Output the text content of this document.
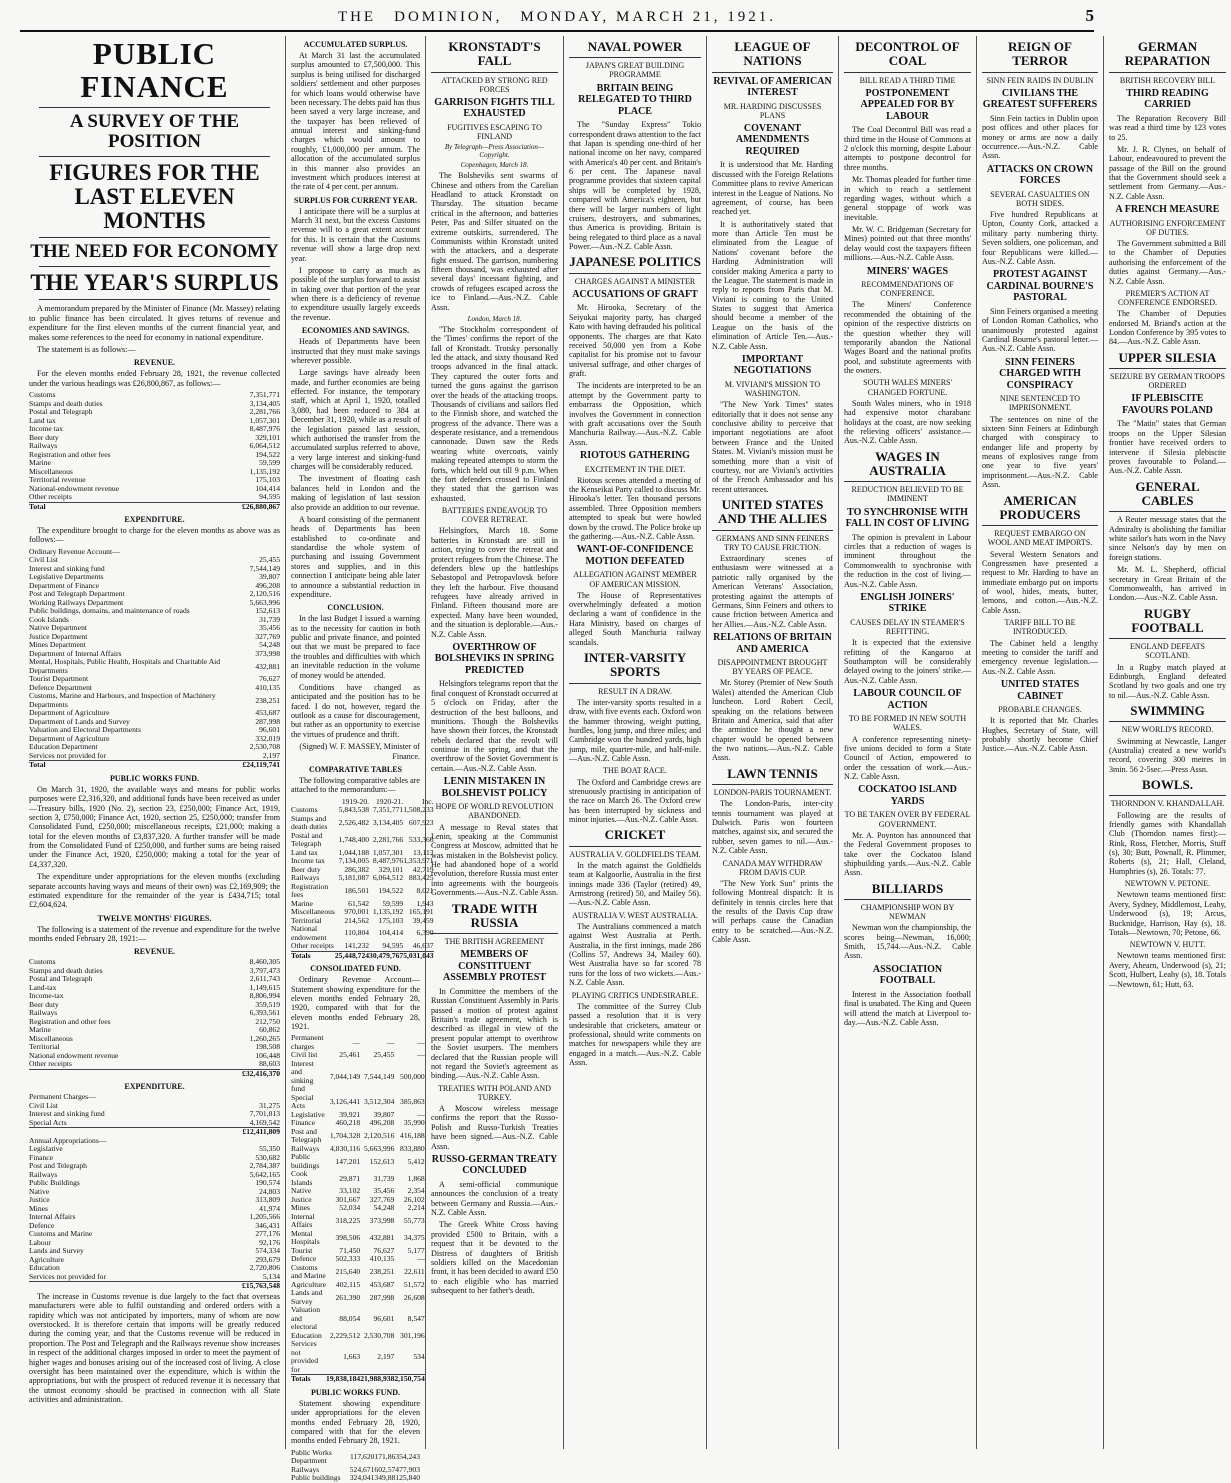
THE DOMINION, MONDAY, MARCH 21, 1921.	5
PUBLIC FINANCE
A SURVEY OF THE POSITION
FIGURES FOR THE LAST ELEVEN MONTHS
THE NEED FOR ECONOMY
THE YEAR'S SURPLUS

A memorandum prepared by the Minister of Finance (Mr. Massey) relating to public finance has been circulated. It gives returns of revenue and expenditure for the first eleven months of the current financial year, and makes some references to the need for economy in national expenditure.

The statement is as follows:—

REVENUE.

For the eleven months ended February 28, 1921, the revenue collected under the various headings was £26,800,867, as follows:—

Customs	7,351,771
Stamps and death duties	3,134,405
Postal and Telegraph	2,281,766
Land tax	1,057,301
Income tax	8,487,976
Beer duty	329,101
Railways	6,064,512
Registration and other fees	194,522
Marine	59,599
Miscellaneous	1,135,192
Territorial revenue	175,103
National-endowment revenue	104,414
Other receipts	94,595
Total	£26,880,867
EXPENDITURE.

The expenditure brought to charge for the eleven months as above was as follows:—

Ordinary Revenue Account—	
Civil List	25,455
Interest and sinking fund	7,544,149
Legislative Departments	39,807
Department of Finance	496,208
Post and Telegraph Department	2,120,516
Working Railways Department	5,663,996
Public buildings, domains, and maintenance of roads	152,613
Cook Islands	31,739
Native Department	35,456
Justice Department	327,769
Mines Department	54,248
Department of Internal Affairs	373,998
Mental, Hospitals, Public Health, Hospitals and Charitable Aid Departments	432,881
Tourist Department	76,627
Defence Department	410,135
Customs, Marine and Harbours, and Inspection of Machinery Departments	238,251
Department of Agriculture	453,687
Department of Lands and Survey	287,998
Valuation and Electoral Departments	96,601
Department of Agriculture	332,019
Education Department	2,530,708
Services not provided for	2,197
Total	£24,119,741
PUBLIC WORKS FUND.

On March 31, 1920, the available ways and means for public works purposes were £2,316,320, and additional funds have been received as under—Treasury bills, 1920 (No. 2), section 23, £250,000; Finance Act, 1919, section 3, £750,000; Finance Act, 1920, section 25, £250,000; transfer from Consolidated Fund, £250,000; miscellaneous receipts, £21,000; making a total for the eleven months of £3,837,320. A further transfer will be made from the Consolidated Fund of £250,000, and further sums are being raised under the Finance Act, 1920, £250,000; making a total for the year of £4,337,320.

The expenditure under appropriations for the eleven months (excluding separate accounts having ways and means of their own) was £2,169,909; the estimated expenditure for the remainder of the year is £434,715; total £2,604,624.

TWELVE MONTHS' FIGURES.

The following is a statement of the revenue and expenditure for the twelve months ended February 28, 1921:—

REVENUE.
Customs	8,460,305
Stamps and death duties	3,797,473
Postal and Telegraph	2,611,743
Land-tax	1,149,615
Income-tax	8,806,994
Beer duty	359,519
Railways	6,393,561
Registration and other fees	212,750
Marine	60,862
Miscellaneous	1,260,265
Territorial	198,508
National endowment revenue	106,448
Other receipts	88,603
	£32,416,370
EXPENDITURE.
Permanent Charges—	
Civil List	31,275
Interest and sinking fund	7,701,813
Special Acts	4,169,542
	£12,411,809
Annual Appropriations—	
Legislative	55,350
Finance	530,682
Post and Telegraph	2,784,387
Railways	5,642,165
Public Buildings	190,574
Native	24,803
Justice	313,809
Mines	41,974
Internal Affairs	1,205,566
Defence	346,431
Customs and Marine	277,176
Labour	92,176
Lands and Survey	574,334
Agriculture	293,679
Education	2,720,806
Services not provided for	5,134
	£15,763,548

The increase in Customs revenue is due largely to the fact that overseas manufacturers were able to fulfil outstanding and ordered orders with a rapidity which was not anticipated by importers, many of whom are now overstocked. It is therefore certain that imports will be greatly reduced during the coming year, and that the Customs revenue will be reduced in proportion. The Post and Telegraph and the Railways revenue show increases in respect of the additional charges imposed in order to meet the payment of higher wages and bonuses arising out of the increased cost of living. A close oversight has been maintained over the expenditure, which is within the appropriations, but with the prospect of reduced revenue it is necessary that the utmost economy should be practised in connection with all State activities and administration.

ACCUMULATED SURPLUS.

At March 31 last the accumulated surplus amounted to £7,500,000. This surplus is being utilised for discharged soldiers' settlement and other purposes for which loans would otherwise have been necessary. The debts paid has thus been saved a very large increase, and the taxpayer has been relieved of annual interest and sinking-fund charges which would amount to roughly, £1,000,000 per annum. The allocation of the accumulated surplus in this manner also provides an investment which produces interest at the rate of 4 per cent. per annum.

SURPLUS FOR CURRENT YEAR.

I anticipate there will be a surplus at March 31 next, but the excess Customs revenue will to a great extent account for this. It is certain that the Customs revenue will show a large drop next year.

I propose to carry as much as possible of the surplus forward to assist in taking over that portion of the year when there is a deficiency of revenue to expenditure usually largely exceeds the revenue.

ECONOMIES AND SAVINGS.

Heads of Departments have been instructed that they must make savings wherever possible.

Large savings have already been made, and further economies are being effected. For instance, the temporary staff, which at April 1, 1920, totalled 3,080, had been reduced to 384 at December 31, 1920, while as a result of the legislation passed last session, which authorised the transfer from the accumulated surplus referred to above, a very large interest and sinking-fund charges will be considerably reduced.

The investment of floating cash balances held in London and the making of legislation of last session also provide an addition to our revenue.

A board consisting of the permanent heads of Departments has been established to co-ordinate and standardise the whole system of purchasing and issuing Government stores and supplies, and in this connection I anticipate being able later to announce a substantial reduction in expenditure.

CONCLUSION.

In the last Budget I issued a warning as to the necessity for caution in both public and private finance, and pointed out that we must be prepared to face the troubles and difficulties with which an inevitable reduction in the volume of money would be attended.

Conditions have changed as anticipated and the position has to be faced. I do not, however, regard the outlook as a cause for discouragement, but rather as an opportunity to exercise the virtues of prudence and thrift.

(Signed) W. F. MASSEY, Minister of Finance.

COMPARATIVE TABLES

The following comparative tables are attached to the memorandum:—

	1919-20.	1920-21.	Inc.
Customs	5,843,538	7,351,771	1,508,233
Stamps and death duties	2,526,482	3,134,405	607,923
Postal and Telegraph	1,748,400	2,281,766	533,366
Land tax	1,044,188	1,057,301	13,113
Income tax	7,134,005	8,487,976	1,353,971
Beer duty	286,382	329,101	42,719
Railways	5,181,087	6,064,512	883,425
Registration fees	186,501	194,522	8,021
Marine	61,542	59,599	1,943
Miscellaneous	970,001	1,135,192	165,191
Territorial	214,562	175,103	39,459
National endowment	110,804	104,414	6,390
Other receipts	141,232	94,595	46,637
Totals	25,448,724	30,479,767	5,031,043
CONSOLIDATED FUND.

Ordinary Revenue Account—Statement showing expenditure for the eleven months ended February 28, 1920, compared with that for the eleven months ended February 28, 1921.

Permanent charges	—	—	—
Civil list	25,461	25,455	—
Interest and sinking fund	7,044,149	7,544,149	500,000
Special Acts	3,126,441	3,512,304	385,863
Legislative	39,921	39,807	—
Finance	460,218	496,208	35,990
Post and Telegraph	1,704,328	2,120,516	416,188
Railways	4,830,116	5,663,996	833,880
Public buildings	147,201	152,613	5,412
Cook Islands	29,871	31,739	1,868
Native	33,102	35,456	2,354
Justice	301,667	327,769	26,102
Mines	52,034	54,248	2,214
Internal Affairs	318,225	373,998	55,773
Mental Hospitals	398,506	432,881	34,375
Tourist	71,450	76,627	5,177
Defence	502,333	410,135	—
Customs and Marine	215,640	238,251	22,611
Agriculture	402,115	453,687	51,572
Lands and Survey	261,390	287,998	26,608
Valuation and electoral	88,054	96,601	8,547
Education	2,229,512	2,530,708	301,196
Services not provided for	1,663	2,197	534
Totals	19,838,184	21,988,938	2,150,754
PUBLIC WORKS FUND.

Statement showing expenditure under appropriations for the eleven months ended February 28, 1920, compared with that for the eleven months ended February 28, 1921.

Public Works Department	117,620	171,863	54,243
Railways	524,671	602,574	77,903
Public buildings	324,041	349,881	25,840
KRONSTADT'S FALL
ATTACKED BY STRONG RED FORCES
GARRISON FIGHTS TILL EXHAUSTED
FUGITIVES ESCAPING TO FINLAND
By Telegraph—Press Association—Copyright.
Copenhagen, March 18.

The Bolsheviks sent swarms of Chinese and others from the Carelian Headland to attack Kronstadt on Thursday. The situation became critical in the afternoon, and batteries Peter, Pas and Silfer situated on the extreme outskirts, surrendered. The Communists within Kronstadt united with the attackers, and a desperate fight ensued. The garrison, numbering fifteen thousand, was exhausted after several days' incessant fighting, and crowds of refugees escaped across the ice to Finland.—Aus.-N.Z. Cable Assn.

London, March 18.

"The Stockholm correspondent of the 'Times' confirms the report of the fall of Kronstadt. Trotsky personally led the attack, and sixty thousand Red troops advanced in the final attack. They captured the outer forts and turned the guns against the garrison over the heads of the attacking troops. Thousands of civilians and sailors fled to the Finnish shore, and watched the progress of the advance. There was a desperate resistance, and a tremendous cannonade. Dawn saw the Reds wearing white overcoats, vainly making repeated attempts to storm the forts, which held out till 9 p.m. When the fort defenders crossed to Finland they stated that the garrison was exhausted.

BATTERIES ENDEAVOUR TO COVER RETREAT.

Helsingfors, March 18. Some batteries in Kronstadt are still in action, trying to cover the retreat and protect refugees from the Chinese. The defenders blew up the battleships Sebastopol and Petropavlovsk before they left the harbour. Five thousand refugees have already arrived in Finland. Fifteen thousand more are expected. Many have been wounded, and the situation is deplorable.—Aus.-N.Z. Cable Assn.

OVERTHROW OF BOLSHEVIKS IN SPRING PREDICTED

Helsingfors telegrams report that the final conquest of Kronstadt occurred at 5 o'clock on Friday, after the destruction of the best balloons, and munitions. Though the Bolsheviks have shown their forces, the Kronstadt rebels declared that the revolt will continue in the spring, and that the overthrow of the Soviet Government is certain.—Aus.-N.Z. Cable Assn.

LENIN MISTAKEN IN BOLSHEVIST POLICY
HOPE OF WORLD REVOLUTION ABANDONED.

A message to Reval states that Lenin, speaking at the Communist Congress at Moscow, admitted that he was mistaken in the Bolshevist policy. He had abandoned hope of a world revolution, therefore Russia must enter into agreements with the bourgeois Governments.—Aus.-N.Z. Cable Assn.

TRADE WITH RUSSIA
THE BRITISH AGREEMENT
MEMBERS OF CONSTITUENT ASSEMBLY PROTEST

In Committee the members of the Russian Constituent Assembly in Paris passed a motion of protest against Britain's trade agreement, which is described as illegal in view of the present popular attempt to overthrow the Soviet usurpers. The members declared that the Russian people will not regard the Soviet's agreement as binding.—Aus.-N.Z. Cable Assn.

TREATIES WITH POLAND AND TURKEY.

A Moscow wireless message confirms the report that the Russo-Polish and Russo-Turkish Treaties have been signed.—Aus.-N.Z. Cable Assn.

RUSSO-GERMAN TREATY CONCLUDED

A semi-official communique announces the conclusion of a treaty between Germany and Russia.—Aus.-N.Z. Cable Assn.

The Greek White Cross having provided £500 to Britain, with a request that it be devoted to the Distress of daughters of British soldiers killed on the Macedonian front, it has been decided to award £50 to each eligible who has married subsequent to her father's death.

NAVAL POWER
JAPAN'S GREAT BUILDING PROGRAMME
BRITAIN BEING RELEGATED TO THIRD PLACE

The "Sunday Express" Tokio correspondent draws attention to the fact that Japan is spending one-third of her national income on her navy, compared with America's 40 per cent. and Britain's 6 per cent. The Japanese naval programme provides that sixteen capital ships will be completed by 1928, compared with America's eighteen, but there will be larger numbers of light cruisers, destroyers, and submarines, thus America is providing. Britain is being relegated to third place as a naval Power.—Aus.-N.Z. Cable Assn.

JAPANESE POLITICS
CHARGES AGAINST A MINISTER
ACCUSATIONS OF GRAFT

Mr. Hirooka, Secretary of the Seiyukai majority party, has charged Kato with having defrauded his political opponents. The charges are that Kato received 50,000 yen from a Kobe capitalist for his promise not to favour universal suffrage, and other charges of graft.

The incidents are interpreted to be an attempt by the Government party to embarrass the Opposition, which involves the Government in connection with graft accusations over the South Manchuria Railway.—Aus.-N.Z. Cable Assn.

RIOTOUS GATHERING
EXCITEMENT IN THE DIET.

Riotous scenes attended a meeting of the Kenseikai Party called to discuss Mr. Hirooka's letter. Ten thousand persons assembled. Three Opposition members attempted to speak but were howled down by the crowd. The Police broke up the gathering.—Aus.-N.Z. Cable Assn.

WANT-OF-CONFIDENCE MOTION DEFEATED
ALLEGATION AGAINST MEMBER OF AMERICAN MISSION.

The House of Representatives overwhelmingly defeated a motion declaring a want of confidence in the Hara Ministry, based on charges of alleged South Manchuria railway scandals.

INTER-VARSITY SPORTS
RESULT IN A DRAW.

The inter-varsity sports resulted in a draw, with five events each. Oxford won the hammer throwing, weight putting, hurdles, long jump, and three miles; and Cambridge won the hundred yards, high jump, mile, quarter-mile, and half-mile.—Aus.-N.Z. Cable Assn.

THE BOAT RACE.

The Oxford and Cambridge crews are strenuously practising in anticipation of the race on March 26. The Oxford crew has been interrupted by sickness and minor injuries.—Aus.-N.Z. Cable Assn.

CRICKET
AUSTRALIA V. GOLDFIELDS TEAM.

In the match against the Goldfields team at Kalgoorlie, Australia in the first innings made 336 (Taylor (retired) 49, Armstrong (retired) 50, and Mailey 56).—Aus.-N.Z. Cable Assn.

AUSTRALIA V. WEST AUSTRALIA.

The Australians commenced a match against West Australia at Perth. Australia, in the first innings, made 286 (Collins 57, Andrews 34, Mailey 60). West Australia have so far scored 78 runs for the loss of two wickets.—Aus.-N.Z. Cable Assn.

PLAYING CRITICS UNDESIRABLE.

The committee of the Surrey Club passed a resolution that it is very undesirable that cricketers, amateur or professional, should write comments on matches for newspapers while they are engaged in a match.—Aus.-N.Z. Cable Assn.

LEAGUE OF NATIONS
REVIVAL OF AMERICAN INTEREST
MR. HARDING DISCUSSES PLANS
COVENANT AMENDMENTS REQUIRED

It is understood that Mr. Harding discussed with the Foreign Relations Committee plans to revive American interest in the League of Nations. No agreement, of course, has been reached yet.

It is authoritatively stated that more than Article Ten must be eliminated from the League of Nations' covenant before the Harding Administration will consider making America a party to the League. The statement is made in reply to reports from Paris that M. Viviani is coming to the United States to suggest that America should become a member of the League on the basis of the elimination of Article Ten.—Aus.-N.Z. Cable Assn.

IMPORTANT NEGOTIATIONS
M. VIVIANI'S MISSION TO WASHINGTON.

"The New York Times" states editorially that it does not sense any conclusive ability to perceive that important negotiations are afoot between France and the United States. M. Viviani's mission must be something more than a visit of courtesy, nor are Viviani's activities of the French Ambassador and his recent utterances.

UNITED STATES AND THE ALLIES
GERMANS AND SINN FEINERS TRY TO CAUSE FRICTION.

Extraordinary scenes of enthusiasm were witnessed at a patriotic rally organised by the American Veterans' Association, protesting against the attempts of Germans, Sinn Feiners and others to cause friction between America and her Allies.—Aus.-N.Z. Cable Assn.

RELATIONS OF BRITAIN AND AMERICA
DISAPPOINTMENT BROUGHT BY YEARS OF PEACE.

Mr. Storey (Premier of New South Wales) attended the American Club luncheon. Lord Robert Cecil, speaking on the relations between Britain and America, said that after the armistice he thought a new chapter would be opened between the two nations.—Aus.-N.Z. Cable Assn.

LAWN TENNIS
LONDON-PARIS TOURNAMENT.

The London-Paris, inter-city tennis tournament was played at Dulwich. Paris won fourteen matches, against six, and secured the rubber, seven games to nil.—Aus.-N.Z. Cable Assn.

CANADA MAY WITHDRAW FROM DAVIS CUP.

"The New York Sun" prints the following Montreal dispatch: It is definitely in tennis circles here that the results of the Davis Cup draw will perhaps cause the Canadian entry to be scratched.—Aus.-N.Z. Cable Assn.

DECONTROL OF COAL
BILL READ A THIRD TIME
POSTPONEMENT APPEALED FOR BY LABOUR

The Coal Decontrol Bill was read a third time in the House of Commons at 2 o'clock this morning, despite Labour attempts to postpone decontrol for three months.

Mr. Thomas pleaded for further time in which to reach a settlement regarding wages, without which a general stoppage of work was inevitable.

Mr. W. C. Bridgeman (Secretary for Mines) pointed out that three months' delay would cost the taxpayers fifteen millions.—Aus.-N.Z. Cable Assn.

MINERS' WAGES
RECOMMENDATIONS OF CONFERENCE.

The Miners' Conference recommended the obtaining of the opinion of the respective districts on the question whether they will temporarily abandon the National Wages Board and the national profits pool, and substitute agreements with the owners.

SOUTH WALES MINERS' CHANGED FORTUNE.

South Wales miners, who in 1918 had expensive motor charabanc holidays at the coast, are now seeking the relieving officers' assistance.—Aus.-N.Z. Cable Assn.

WAGES IN AUSTRALIA
REDUCTION BELIEVED TO BE IMMINENT
TO SYNCHRONISE WITH FALL IN COST OF LIVING

The opinion is prevalent in Labour circles that a reduction of wages is imminent throughout the Commonwealth to synchronise with the reduction in the cost of living.—Aus.-N.Z. Cable Assn.

ENGLISH JOINERS' STRIKE
CAUSES DELAY IN STEAMER'S REFITTING.

It is expected that the extensive refitting of the Kangaroo at Southampton will be considerably delayed owing to the joiners' strike.—Aus.-N.Z. Cable Assn.

LABOUR COUNCIL OF ACTION
TO BE FORMED IN NEW SOUTH WALES.

A conference representing ninety-five unions decided to form a State Council of Action, empowered to order the cessation of work.—Aus.-N.Z. Cable Assn.

COCKATOO ISLAND YARDS
TO BE TAKEN OVER BY FEDERAL GOVERNMENT.

Mr. A. Poynton has announced that the Federal Government proposes to take over the Cockatoo Island shipbuilding yards.—Aus.-N.Z. Cable Assn.

BILLIARDS
CHAMPIONSHIP WON BY NEWMAN

Newman won the championship, the scores being—Newman, 16,000; Smith, 15,744.—Aus.-N.Z. Cable Assn.

ASSOCIATION FOOTBALL

Interest in the Association football final is unabated. The King and Queen will attend the match at Liverpool to-day.—Aus.-N.Z. Cable Assn.

REIGN OF TERROR
SINN FEIN RAIDS IN DUBLIN
CIVILIANS THE GREATEST SUFFERERS

Sinn Fein tactics in Dublin upon post offices and other places for money or arms are now a daily occurrence.—Aus.-N.Z. Cable Assn.

ATTACKS ON CROWN FORCES
SEVERAL CASUALTIES ON BOTH SIDES.

Five hundred Republicans at Upton, County Cork, attacked a military party numbering thirty. Seven soldiers, one policeman, and four Republicans were killed.—Aus.-N.Z. Cable Assn.

PROTEST AGAINST CARDINAL BOURNE'S PASTORAL

Sinn Feiners organised a meeting of London Roman Catholics, who unanimously protested against Cardinal Bourne's pastoral letter.—Aus.-N.Z. Cable Assn.

SINN FEINERS CHARGED WITH CONSPIRACY
NINE SENTENCED TO IMPRISONMENT.

The sentences on nine of the sixteen Sinn Feiners at Edinburgh charged with conspiracy to endanger life and property by means of explosives range from one year to five years' imprisonment.—Aus.-N.Z. Cable Assn.

AMERICAN PRODUCERS
REQUEST EMBARGO ON WOOL AND MEAT IMPORTS.

Several Western Senators and Congressmen have presented a request to Mr. Harding to have an immediate embargo put on imports of wool, hides, meats, butter, lemons, and cotton.—Aus.-N.Z. Cable Assn.

TARIFF BILL TO BE INTRODUCED.

The Cabinet held a lengthy meeting to consider the tariff and emergency revenue legislation.—Aus.-N.Z. Cable Assn.

UNITED STATES CABINET
PROBABLE CHANGES.

It is reported that Mr. Charles Hughes, Secretary of State, will probably shortly become Chief Justice.—Aus.-N.Z. Cable Assn.

GERMAN REPARATION
BRITISH RECOVERY BILL
THIRD READING CARRIED

The Reparation Recovery Bill was read a third time by 123 votes to 25.

Mr. J. R. Clynes, on behalf of Labour, endeavoured to prevent the passage of the Bill on the ground that the Government should seek a settlement from Germany.—Aus.-N.Z. Cable Assn.

A FRENCH MEASURE
AUTHORISING ENFORCEMENT OF DUTIES.

The Government submitted a Bill to the Chamber of Deputies authorising the enforcement of the duties against Germany.—Aus.-N.Z. Cable Assn.

PREMIER'S ACTION AT CONFERENCE ENDORSED.

The Chamber of Deputies endorsed M. Briand's action at the London Conference by 395 votes to 84.—Aus.-N.Z. Cable Assn.

UPPER SILESIA
SEIZURE BY GERMAN TROOPS ORDERED
IF PLEBISCITE FAVOURS POLAND

The "Matin" states that German troops on the Upper Silesian frontier have received orders to intervene if Silesia plebiscite proves favourable to Poland.—Aus.-N.Z. Cable Assn.

GENERAL CABLES

A Reuter message states that the Admiralty is abolishing the familiar white sailor's hats worn in the Navy since Nelson's day by men on foreign stations.

Mr. M. L. Shepherd, official secretary in Great Britain of the Commonwealth, has arrived in London.—Aus.-N.Z. Cable Assn.

RUGBY FOOTBALL
ENGLAND DEFEATS SCOTLAND.

In a Rugby match played at Edinburgh, England defeated Scotland by two goals and one try to nil.—Aus.-N.Z. Cable Assn.

SWIMMING
NEW WORLD'S RECORD.

Swimming at Newcastle, Langer (Australia) created a new world's record, covering 300 metres in 3min. 56 2-5sec.—Press Assn.

BOWLS.
THORNDON V. KHANDALLAH.

Following are the results of friendly games with Khandallah Club (Thorndon names first):—Rink, Ross, Fletcher, Morris, Stuff (s), 30; Butt, Pownall, R. Plimmer, Roberts (s), 21; Hall, Cleland, Humphries (s), 26. Totals: 77.

NEWTOWN V. PETONE.

Newtown teams mentioned first: Avery, Sydney, Middlemost, Leahy, Underwood (s), 19; Arcus, Bucknidge, Harrison, Hay (s), 18. Totals—Newtown, 70; Petone, 66.

NEWTOWN V. HUTT.

Newtown teams mentioned first: Avery, Ahearn, Underwood (s), 21; Scott, Hulbert, Leahy (s), 18. Totals—Newtown, 61; Hutt, 63.
